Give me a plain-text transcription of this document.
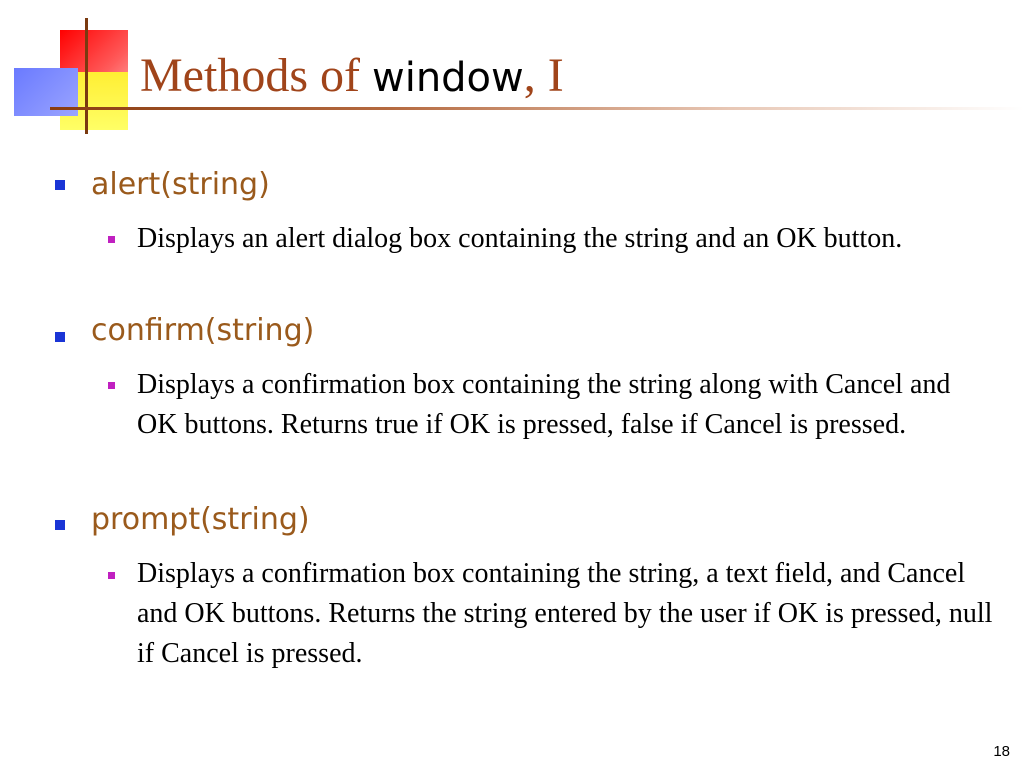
Methods of window, I
alert(string)
Displays an alert dialog box containing the string and an OK button.
confirm(string)
Displays a confirmation box containing the string along with Cancel and OK buttons. Returns true if OK is pressed, false if Cancel is pressed.
prompt(string)
Displays a confirmation box containing the string, a text field, and Cancel and OK buttons. Returns the string entered by the user if OK is pressed, null if Cancel is pressed.
18
